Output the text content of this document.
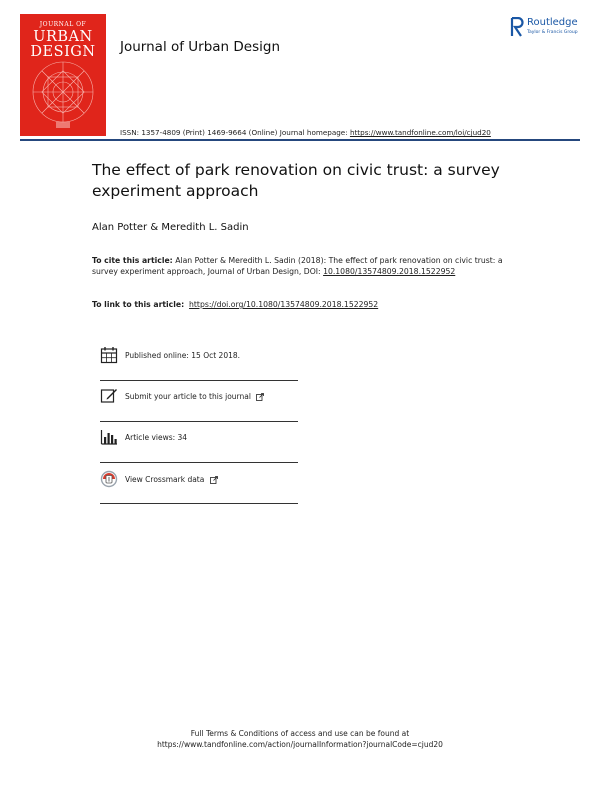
JOURNAL OF
URBAN
DESIGN	Journal of Urban Design
Routledge
Taylor & Francis Group
ISSN: 1357-4809 (Print) 1469-9664 (Online) Journal homepage: https://www.tandfonline.com/loi/cjud20
The effect of park renovation on civic trust: a survey experiment approach
Alan Potter & Meredith L. Sadin
To cite this article: Alan Potter & Meredith L. Sadin (2018): The effect of park renovation on civic trust: a survey experiment approach, Journal of Urban Design, DOI: 10.1080/13574809.2018.1522952
To link to this article: https://doi.org/10.1080/13574809.2018.1522952
Published online: 15 Oct 2018.
Submit your article to this journal
Article views: 34
View Crossmark data
Full Terms & Conditions of access and use can be found at
https://www.tandfonline.com/action/journalInformation?journalCode=cjud20
